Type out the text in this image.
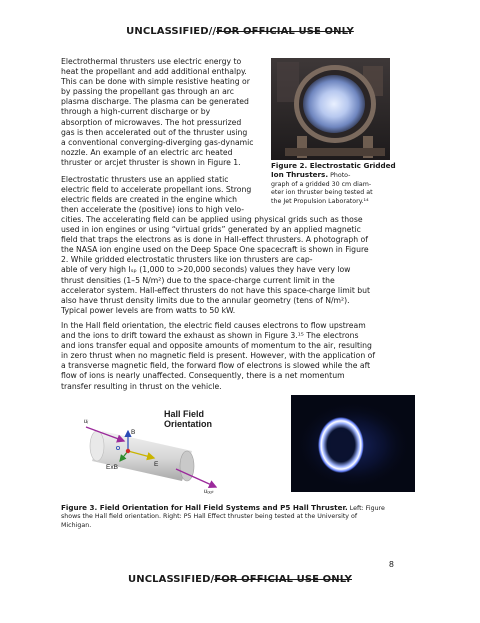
UNCLASSIFIED//FOR OFFICIAL USE ONLY
Electrothermal thrusters use electric energy to
heat the propellant and add additional enthalpy.
This can be done with simple resistive heating or
by passing the propellant gas through an arc
plasma discharge. The plasma can be generated
through a high-current discharge or by
absorption of microwaves. The hot pressurized
gas is then accelerated out of the thruster using
a conventional converging-diverging gas-dynamic
nozzle. An example of an electric arc heated
thruster or arcjet thruster is shown in Figure 1.	Figure 2. Electrostatic Gridded
Ion Thrusters. Photo-
graph of a gridded 30 cm diam-
eter ion thruster being tested at
the Jet Propulsion Laboratory.¹⁴
Electrostatic thrusters use an applied static
electric field to accelerate propellant ions. Strong
electric fields are created in the engine which
then accelerate the (positive) ions to high velo-
cities. The accelerating field can be applied using physical grids such as those
used in ion engines or using “virtual grids” generated by an applied magnetic
field that traps the electrons as is done in Hall-effect thrusters. A photograph of
the NASA ion engine used on the Deep Space One spacecraft is shown in Figure
2. While gridded electrostatic thrusters like ion thrusters are cap-
able of very high Iₛₚ (1,000 to >20,000 seconds) values they have very low
thrust densities (1–5 N/m²) due to the space-charge current limit in the
accelerator system. Hall-effect thrusters do not have this space-charge limit but
also have thrust density limits due to the annular geometry (tens of N/m²).
Typical power levels are from watts to 50 kW.
In the Hall field orientation, the electric field causes electrons to flow upstream
and the ions to drift toward the exhaust as shown in Figure 3.¹⁵ The electrons
and ions transfer equal and opposite amounts of momentum to the air, resulting
in zero thrust when no magnetic field is present. However, with the application of
a transverse magnetic field, the forward flow of electrons is slowed while the aft
flow of ions is nearly unaffected. Consequently, there is a net momentum
transfer resulting in thrust on the vehicle.
Hall Field
Orientation
uᵢ
B
E
ExB
uₒᵤₜ
Figure 3. Field Orientation for Hall Field Systems and P5 Hall Thruster. Left: Figure
shows the Hall field orientation. Right: P5 Hall Effect thruster being tested at the University of
Michigan.
8
UNCLASSIFIED/FOR OFFICIAL USE ONLY
